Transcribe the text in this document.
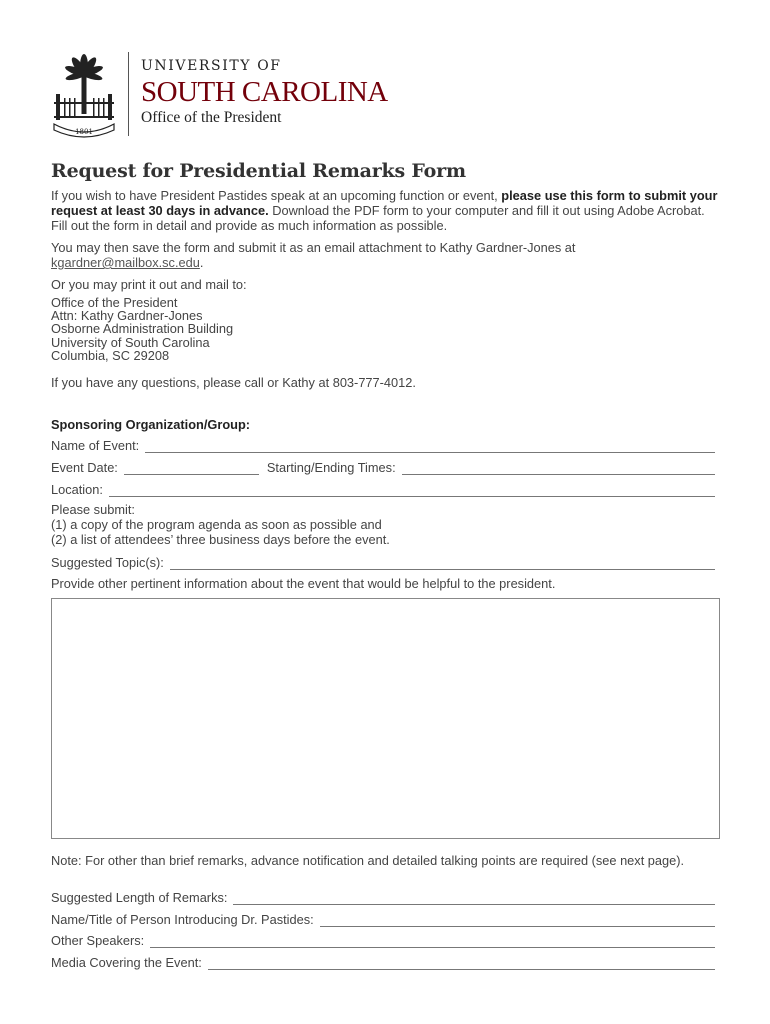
1801
UNIVERSITY OF
SOUTH CAROLINA
Office of the President
Request for Presidential Remarks Form
If you wish to have President Pastides speak at an upcoming function or event, please use this form to submit your request at least 30 days in advance. Download the PDF form to your computer and fill it out using Adobe Acrobat. Fill out the form in detail and provide as much information as possible.
You may then save the form and submit it as an email attachment to Kathy Gardner-Jones at kgardner@mailbox.sc.edu.
Or you may print it out and mail to:
Office of the President
Attn: Kathy Gardner-Jones
Osborne Administration Building
University of South Carolina
Columbia, SC 29208
If you have any questions, please call or Kathy at 803-777-4012.
Sponsoring Organization/Group:
Name of Event:
Event Date:	Starting/Ending Times:
Location:
Please submit:
(1) a copy of the program agenda as soon as possible and
(2) a list of attendees’ three business days before the event.
Suggested Topic(s):
Provide other pertinent information about the event that would be helpful to the president.
Note: For other than brief remarks, advance notification and detailed talking points are required (see next page).
Suggested Length of Remarks:
Name/Title of Person Introducing Dr. Pastides:
Other Speakers:
Media Covering the Event:
